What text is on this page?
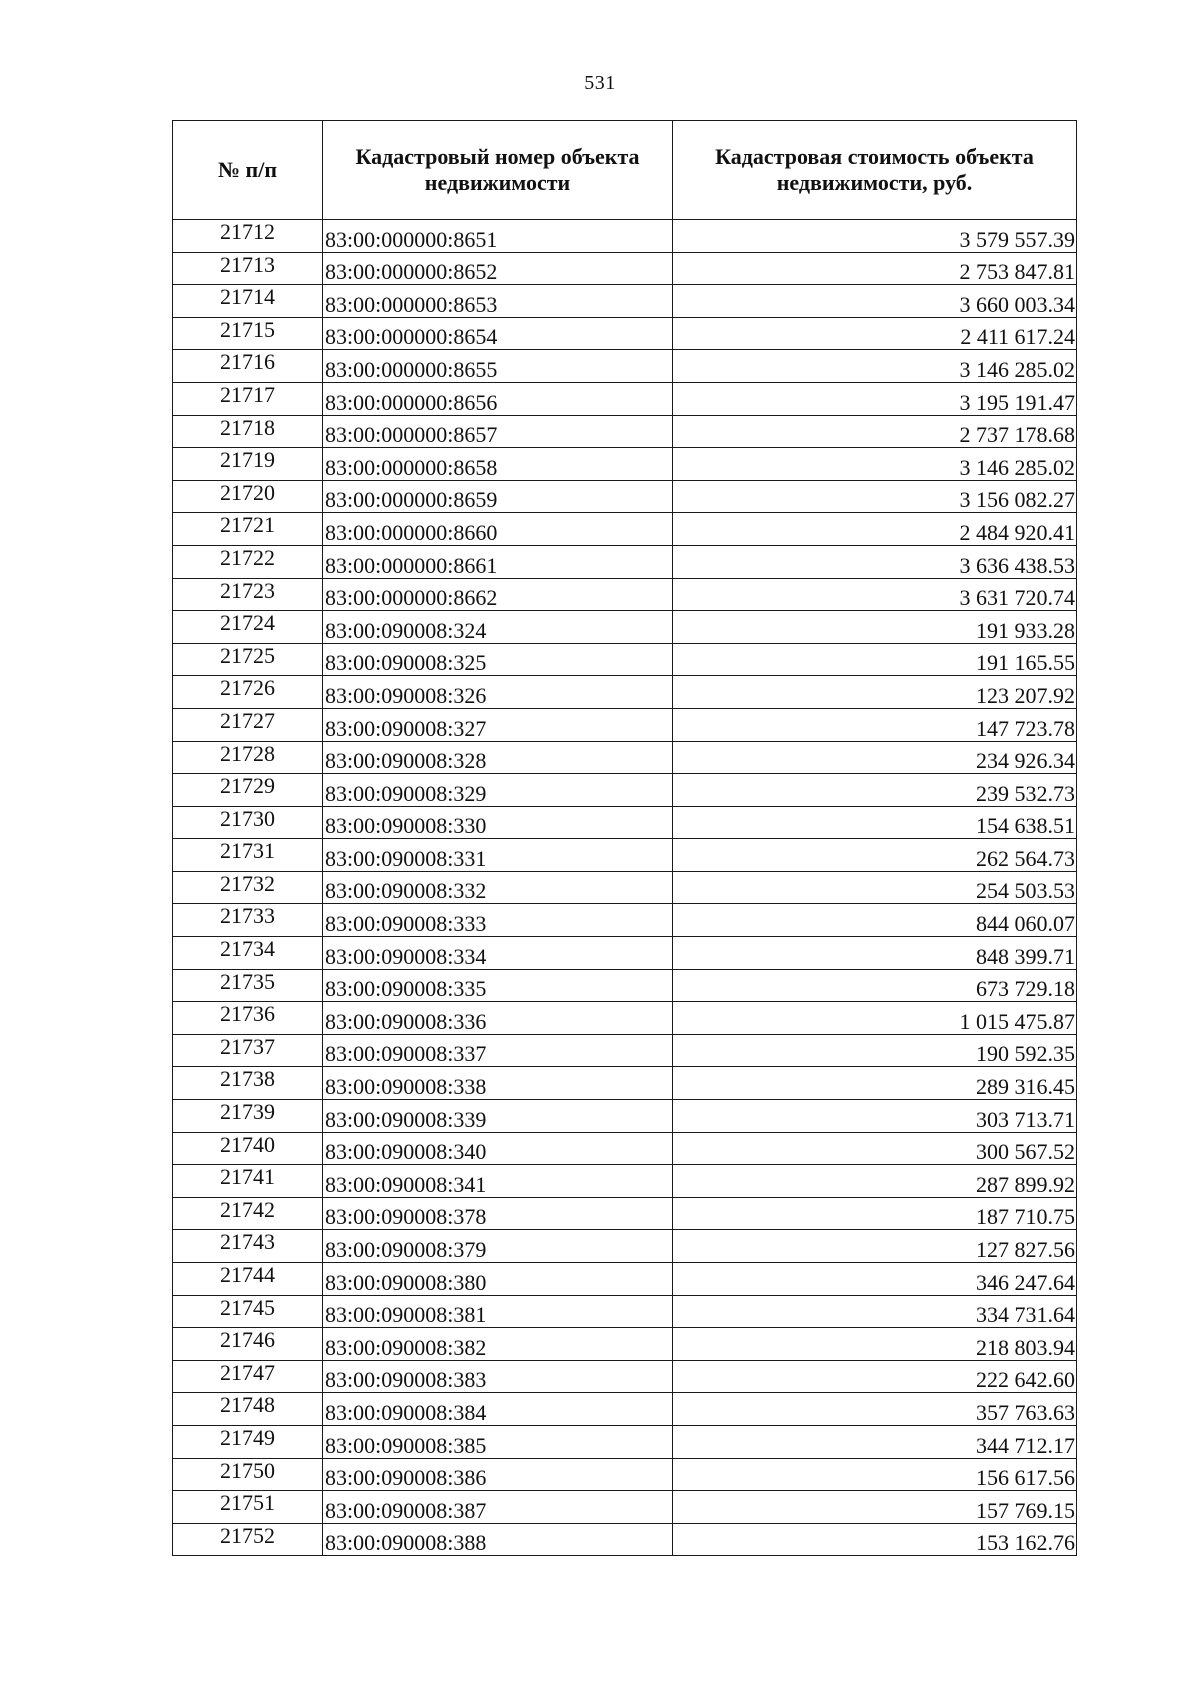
531
№ п/п	Кадастровый номер объекта недвижимости	Кадастровая стоимость объекта недвижимости, руб.
21712	83:00:000000:8651	3 579 557.39
21713	83:00:000000:8652	2 753 847.81
21714	83:00:000000:8653	3 660 003.34
21715	83:00:000000:8654	2 411 617.24
21716	83:00:000000:8655	3 146 285.02
21717	83:00:000000:8656	3 195 191.47
21718	83:00:000000:8657	2 737 178.68
21719	83:00:000000:8658	3 146 285.02
21720	83:00:000000:8659	3 156 082.27
21721	83:00:000000:8660	2 484 920.41
21722	83:00:000000:8661	3 636 438.53
21723	83:00:000000:8662	3 631 720.74
21724	83:00:090008:324	191 933.28
21725	83:00:090008:325	191 165.55
21726	83:00:090008:326	123 207.92
21727	83:00:090008:327	147 723.78
21728	83:00:090008:328	234 926.34
21729	83:00:090008:329	239 532.73
21730	83:00:090008:330	154 638.51
21731	83:00:090008:331	262 564.73
21732	83:00:090008:332	254 503.53
21733	83:00:090008:333	844 060.07
21734	83:00:090008:334	848 399.71
21735	83:00:090008:335	673 729.18
21736	83:00:090008:336	1 015 475.87
21737	83:00:090008:337	190 592.35
21738	83:00:090008:338	289 316.45
21739	83:00:090008:339	303 713.71
21740	83:00:090008:340	300 567.52
21741	83:00:090008:341	287 899.92
21742	83:00:090008:378	187 710.75
21743	83:00:090008:379	127 827.56
21744	83:00:090008:380	346 247.64
21745	83:00:090008:381	334 731.64
21746	83:00:090008:382	218 803.94
21747	83:00:090008:383	222 642.60
21748	83:00:090008:384	357 763.63
21749	83:00:090008:385	344 712.17
21750	83:00:090008:386	156 617.56
21751	83:00:090008:387	157 769.15
21752	83:00:090008:388	153 162.76
